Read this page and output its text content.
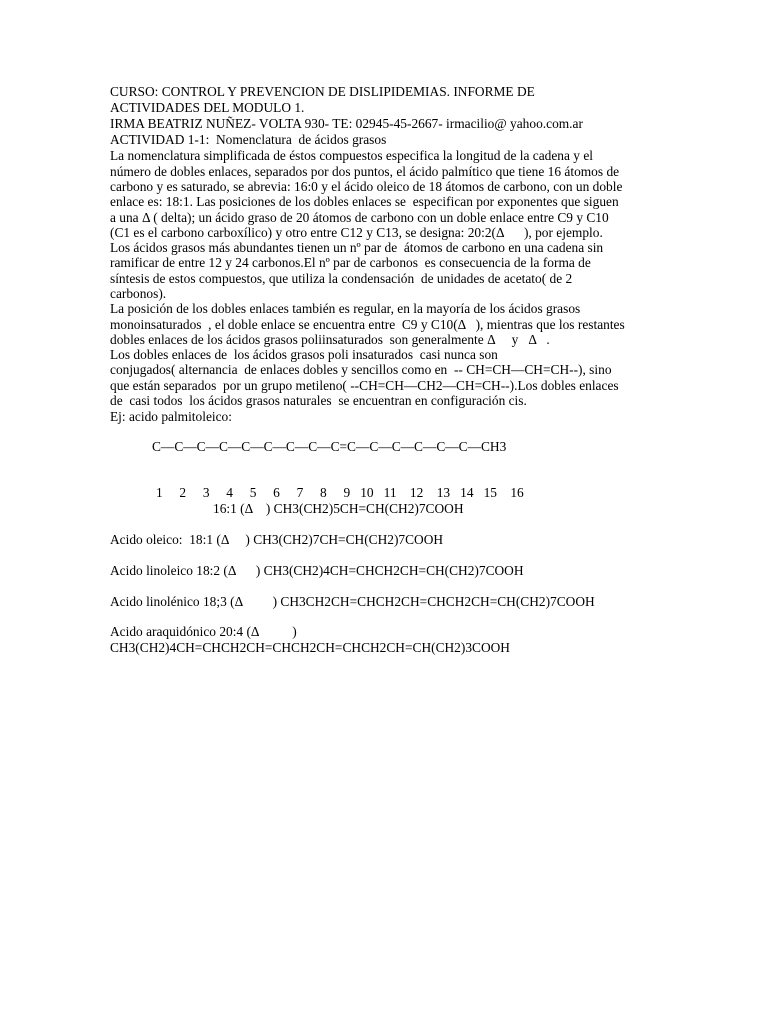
CURSO: CONTROL Y PREVENCION DE DISLIPIDEMIAS. INFORME DE
ACTIVIDADES DEL MODULO 1.
IRMA BEATRIZ NUÑEZ- VOLTA 930- TE: 02945-45-2667- irmacilio@ yahoo.com.ar
ACTIVIDAD 1-1:  Nomenclatura  de ácidos grasos
La nomenclatura simplificada de éstos compuestos especifica la longitud de la cadena y el
número de dobles enlaces, separados por dos puntos, el ácido palmítico que tiene 16 átomos de
carbono y es saturado, se abrevia: 16:0 y el ácido oleico de 18 átomos de carbono, con un doble
enlace es: 18:1. Las posiciones de los dobles enlaces se  especifican por exponentes que siguen
a una Δ ( delta); un ácido graso de 20 átomos de carbono con un doble enlace entre C9 y C10
(C1 es el carbono carboxílico) y otro entre C12 y C13, se designa: 20:2(Δ      ), por ejemplo.
Los ácidos grasos más abundantes tienen un nº par de  átomos de carbono en una cadena sin
ramificar de entre 12 y 24 carbonos.El nº par de carbonos  es consecuencia de la forma de
síntesis de estos compuestos, que utiliza la condensación  de unidades de acetato( de 2
carbonos).
La posición de los dobles enlaces también es regular, en la mayoría de los ácidos grasos
monoinsaturados  , el doble enlace se encuentra entre  C9 y C10(Δ   ), mientras que los restantes
dobles enlaces de los ácidos grasos poliinsaturados  son generalmente Δ     y   Δ   .
Los dobles enlaces de  los ácidos grasos poli insaturados  casi nunca son
conjugados( alternancia  de enlaces dobles y sencillos como en  -- CH=CH—CH=CH--), sino
que están separados  por un grupo metileno( --CH=CH—CH2—CH=CH--).Los dobles enlaces
de  casi todos  los ácidos grasos naturales  se encuentran en configuración cis.
Ej: acido palmitoleico:
C—C—C—C—C—C—C—C—C=C—C—C—C—C—C—CH3
1     2     3     4     5     6     7     8     9   10   11    12    13   14   15    16
16:1 (Δ    ) CH3(CH2)5CH=CH(CH2)7COOH
Acido oleico:  18:1 (Δ     ) CH3(CH2)7CH=CH(CH2)7COOH
Acido linoleico 18:2 (Δ      ) CH3(CH2)4CH=CHCH2CH=CH(CH2)7COOH
Acido linolénico 18;3 (Δ         ) CH3CH2CH=CHCH2CH=CHCH2CH=CH(CH2)7COOH
Acido araquidónico 20:4 (Δ          )
CH3(CH2)4CH=CHCH2CH=CHCH2CH=CHCH2CH=CH(CH2)3COOH
